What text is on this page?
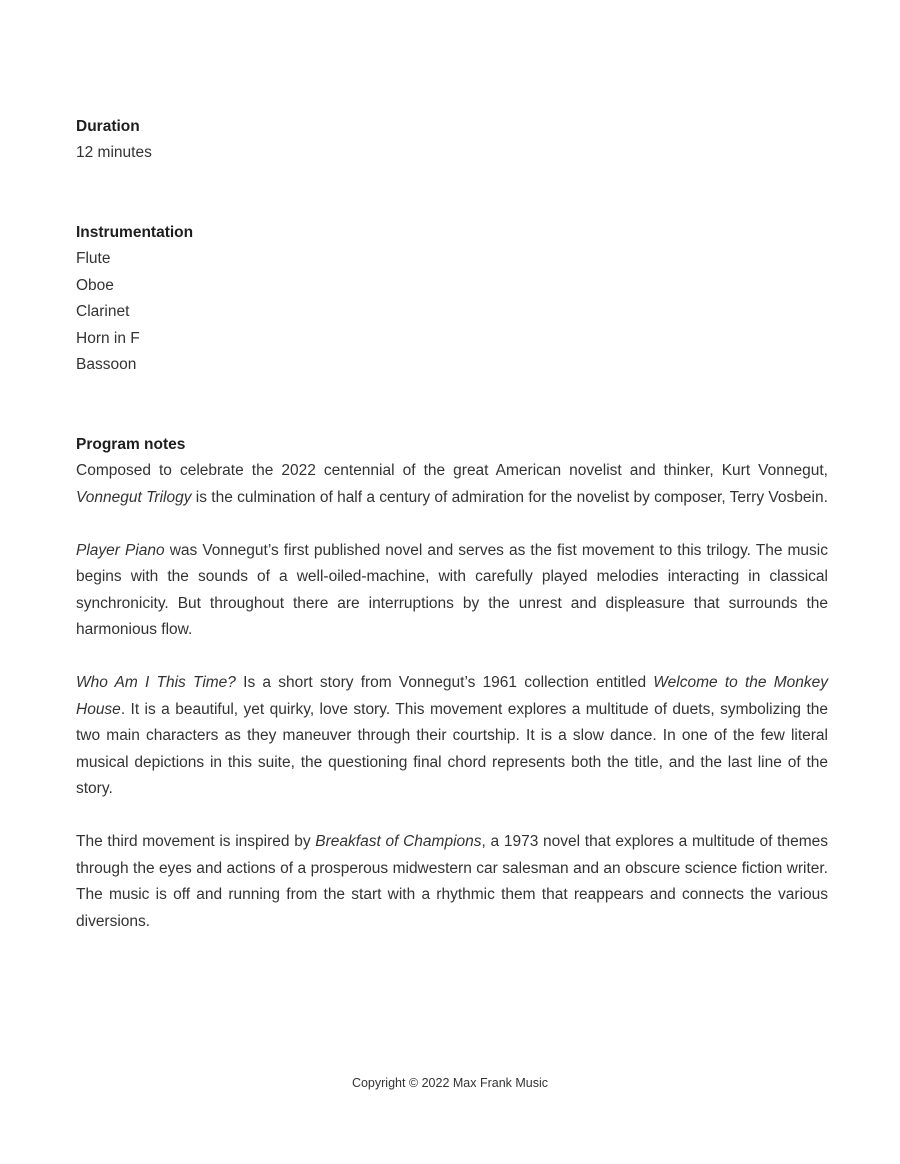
Duration
12 minutes
Instrumentation
Flute
Oboe
Clarinet
Horn in F
Bassoon
Program notes

Composed to celebrate the 2022 centennial of the great American novelist and thinker, Kurt Vonnegut, Vonnegut Trilogy is the culmination of half a century of admiration for the novelist by composer, Terry Vosbein.

Player Piano was Vonnegut’s first published novel and serves as the fist movement to this trilogy. The music begins with the sounds of a well-oiled-machine, with carefully played melodies interacting in classical synchronicity. But throughout there are interruptions by the unrest and displeasure that surrounds the harmonious flow.

Who Am I This Time? Is a short story from Vonnegut’s 1961 collection entitled Welcome to the Monkey House. It is a beautiful, yet quirky, love story. This movement explores a multitude of duets, symbolizing the two main characters as they maneuver through their courtship. It is a slow dance. In one of the few literal musical depictions in this suite, the questioning final chord represents both the title, and the last line of the story.

The third movement is inspired by Breakfast of Champions, a 1973 novel that explores a multitude of themes through the eyes and actions of a prosperous midwestern car salesman and an obscure science fiction writer. The music is off and running from the start with a rhythmic them that reappears and connects the various diversions.

Copyright © 2022 Max Frank Music
